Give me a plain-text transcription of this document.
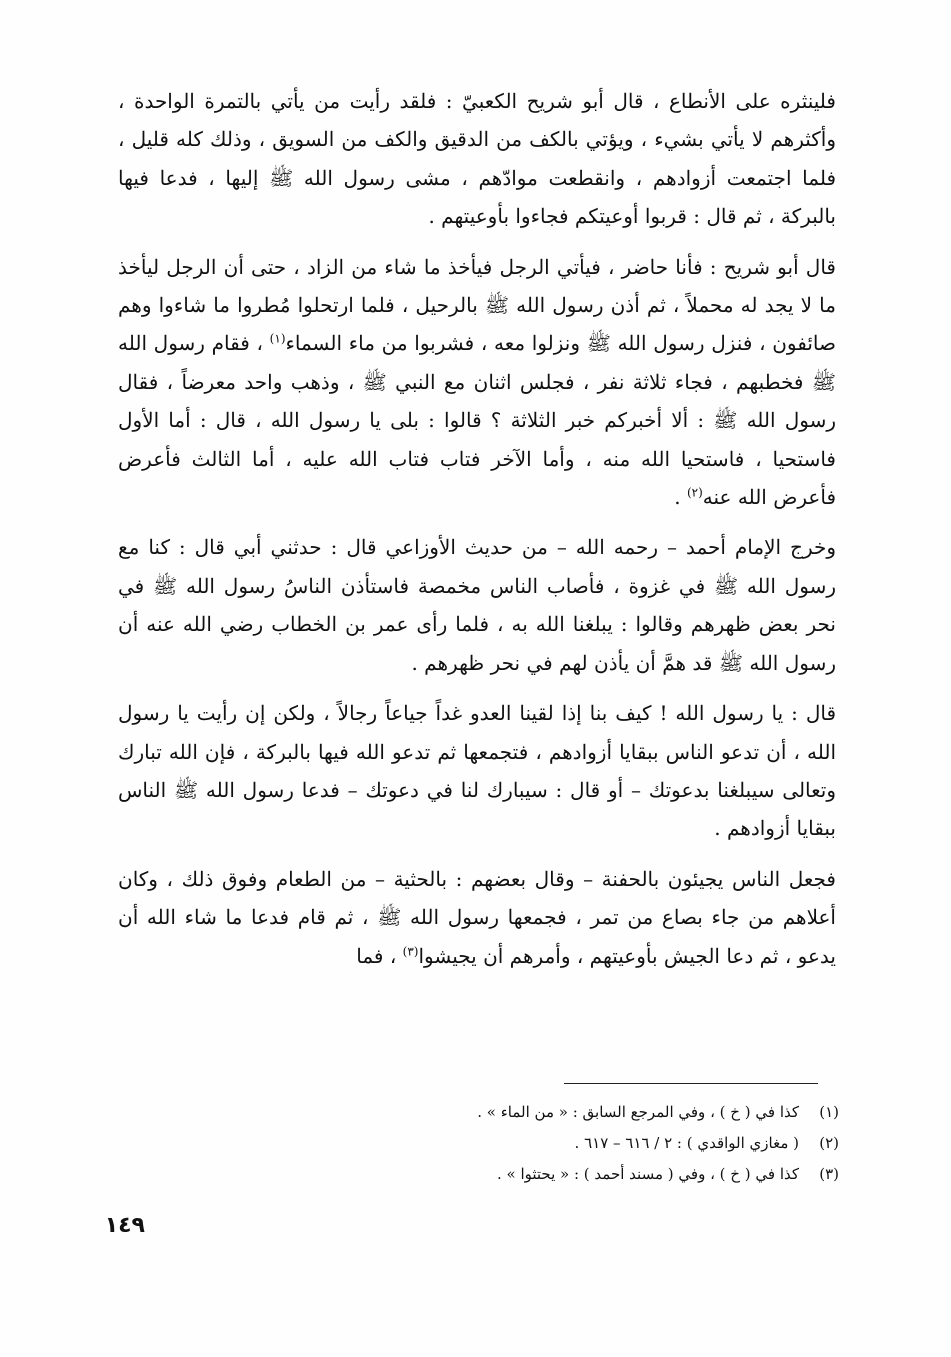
فلينثره على الأنطاع ، قال أبو شريح الكعبيّ : فلقد رأيت من يأتي بالتمرة الواحدة ، وأكثرهم لا يأتي بشيء ، ويؤتي بالكف من الدقيق والكف من السويق ، وذلك كله قليل ، فلما اجتمعت أزوادهم ، وانقطعت موادّهم ، مشى رسول الله ﷺ إليها ، فدعا فيها بالبركة ، ثم قال : قربوا أوعيتكم فجاءوا بأوعيتهم .

قال أبو شريح : فأنا حاضر ، فيأتي الرجل فيأخذ ما شاء من الزاد ، حتى أن الرجل ليأخذ ما لا يجد له محملاً ، ثم أذن رسول الله ﷺ بالرحيل ، فلما ارتحلوا مُطروا ما شاءوا وهم صائفون ، فنزل رسول الله ﷺ ونزلوا معه ، فشربوا من ماء السماء$^{(١)}$ ، فقام رسول الله ﷺ فخطبهم ، فجاء ثلاثة نفر ، فجلس اثنان مع النبي ﷺ ، وذهب واحد معرضاً ، فقال رسول الله ﷺ : ألا أخبركم خبر الثلاثة ؟ قالوا : بلى يا رسول الله ، قال : أما الأول فاستحيا ، فاستحيا الله منه ، وأما الآخر فتاب فتاب الله عليه ، أما الثالث فأعرض فأعرض الله عنه$^{(٢)}$ .

وخرج الإمام أحمد – رحمه الله – من حديث الأوزاعي قال : حدثني أبي قال : كنا مع رسول الله ﷺ في غزوة ، فأصاب الناس مخمصة فاستأذن الناسُ رسول الله ﷺ في نحر بعض ظهرهم وقالوا : يبلغنا الله به ، فلما رأى عمر بن الخطاب رضي الله عنه أن رسول الله ﷺ قد همَّ أن يأذن لهم في نحر ظهرهم .

قال : يا رسول الله ! كيف بنا إذا لقينا العدو غداً جياعاً رجالاً ، ولكن إن رأيت يا رسول الله ، أن تدعو الناس ببقايا أزوادهم ، فتجمعها ثم تدعو الله فيها بالبركة ، فإن الله تبارك وتعالى سيبلغنا بدعوتك – أو قال : سيبارك لنا في دعوتك – فدعا رسول الله ﷺ الناس ببقايا أزوادهم .

فجعل الناس يجيئون بالحفنة – وقال بعضهم : بالحثية – من الطعام وفوق ذلك ، وكان أعلاهم من جاء بصاع من تمر ، فجمعها رسول الله ﷺ ، ثم قام فدعا ما شاء الله أن يدعو ، ثم دعا الجيش بأوعيتهم ، وأمرهم أن يجيشوا$^{(٣)}$ ، فما

(١)
كذا في ( خ ) ، وفي المرجع السابق : « من الماء » .
(٢)
( مغازي الواقدي ) : ٢ / ٦١٦ – ٦١٧ .
(٣)
كذا في ( خ ) ، وفي ( مسند أحمد ) : « يحتثوا » .
١٤٩
